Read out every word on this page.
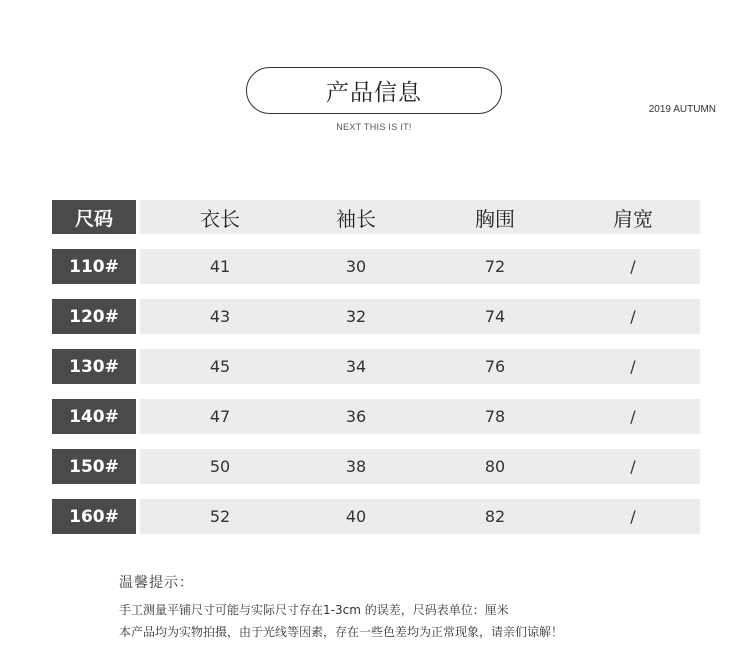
产品信息
NEXT THIS IS IT!
2019 AUTUMN
尺码	衣长	袖长	胸围	肩宽
110#	41	30	72	/
120#	43	32	74	/
130#	45	34	76	/
140#	47	36	78	/
150#	50	38	80	/
160#	52	40	82	/
温馨提示：
手工测量平铺尺寸可能与实际尺寸存在1-3cm 的误差，尺码表单位：厘米
本产品均为实物拍摄，由于光线等因素，存在一些色差均为正常现象，请亲们谅解！
